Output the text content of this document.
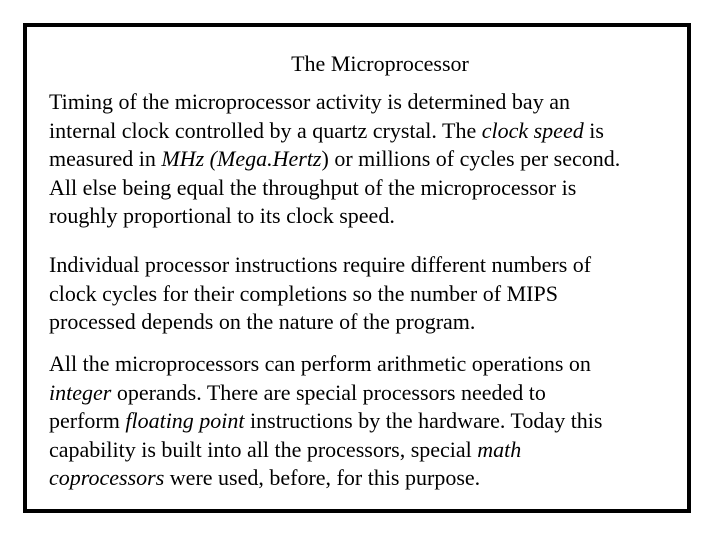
The Microprocessor

Timing of the microprocessor activity is determined bay an
internal clock controlled by a quartz crystal. The clock speed is
measured in MHz (Mega.Hertz) or millions of cycles per second.
All else being equal the throughput of the microprocessor is
roughly proportional to its clock speed.

Individual processor instructions require different numbers of
clock cycles for their completions so the number of MIPS
processed depends on the nature of the program.

All the microprocessors can perform arithmetic operations on
integer operands. There are special processors needed to
perform floating point instructions by the hardware. Today this
capability is built into all the processors, special math
coprocessors were used, before, for this purpose.
